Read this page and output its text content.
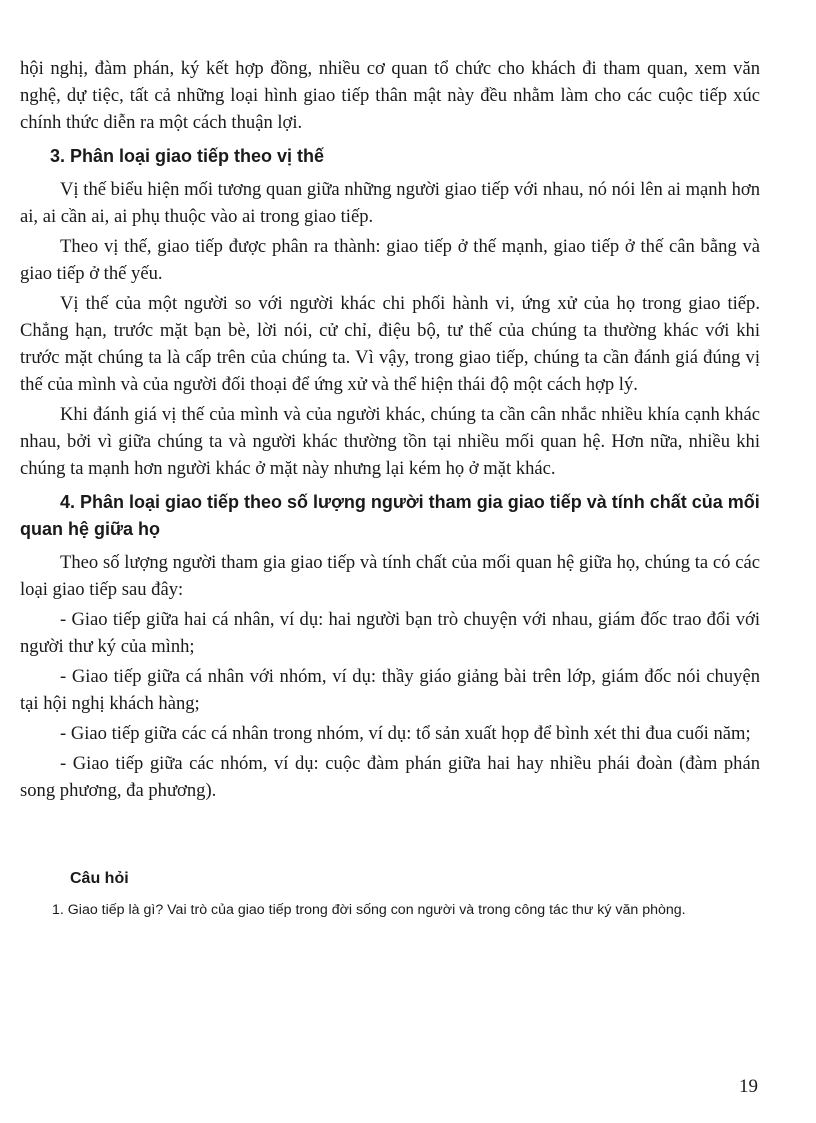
hội nghị, đàm phán, ký kết hợp đồng, nhiều cơ quan tổ chức cho khách đi tham quan, xem văn nghệ, dự tiệc, tất cả những loại hình giao tiếp thân mật này đều nhằm làm cho các cuộc tiếp xúc chính thức diễn ra một cách thuận lợi.

3. Phân loại giao tiếp theo vị thế

Vị thế biểu hiện mối tương quan giữa những người giao tiếp với nhau, nó nói lên ai mạnh hơn ai, ai cần ai, ai phụ thuộc vào ai trong giao tiếp.

Theo vị thế, giao tiếp được phân ra thành: giao tiếp ở thế mạnh, giao tiếp ở thế cân bằng và giao tiếp ở thế yếu.

Vị thế của một người so với người khác chi phối hành vi, ứng xử của họ trong giao tiếp. Chẳng hạn, trước mặt bạn bè, lời nói, cử chỉ, điệu bộ, tư thế của chúng ta thường khác với khi trước mặt chúng ta là cấp trên của chúng ta. Vì vậy, trong giao tiếp, chúng ta cần đánh giá đúng vị thế của mình và của người đối thoại để ứng xử và thể hiện thái độ một cách hợp lý.

Khi đánh giá vị thế của mình và của người khác, chúng ta cần cân nhắc nhiều khía cạnh khác nhau, bởi vì giữa chúng ta và người khác thường tồn tại nhiều mối quan hệ. Hơn nữa, nhiều khi chúng ta mạnh hơn người khác ở mặt này nhưng lại kém họ ở mặt khác.

4. Phân loại giao tiếp theo số lượng người tham gia giao tiếp và tính chất của mối quan hệ giữa họ

Theo số lượng người tham gia giao tiếp và tính chất của mối quan hệ giữa họ, chúng ta có các loại giao tiếp sau đây:

- Giao tiếp giữa hai cá nhân, ví dụ: hai người bạn trò chuyện với nhau, giám đốc trao đổi với người thư ký của mình;

- Giao tiếp giữa cá nhân với nhóm, ví dụ: thầy giáo giảng bài trên lớp, giám đốc nói chuyện tại hội nghị khách hàng;

- Giao tiếp giữa các cá nhân trong nhóm, ví dụ: tổ sản xuất họp để bình xét thi đua cuối năm;

- Giao tiếp giữa các nhóm, ví dụ: cuộc đàm phán giữa hai hay nhiều phái đoàn (đàm phán song phương, đa phương).

Câu hỏi

1. Giao tiếp là gì? Vai trò của giao tiếp trong đời sống con người và trong công tác thư ký văn phòng.

19
